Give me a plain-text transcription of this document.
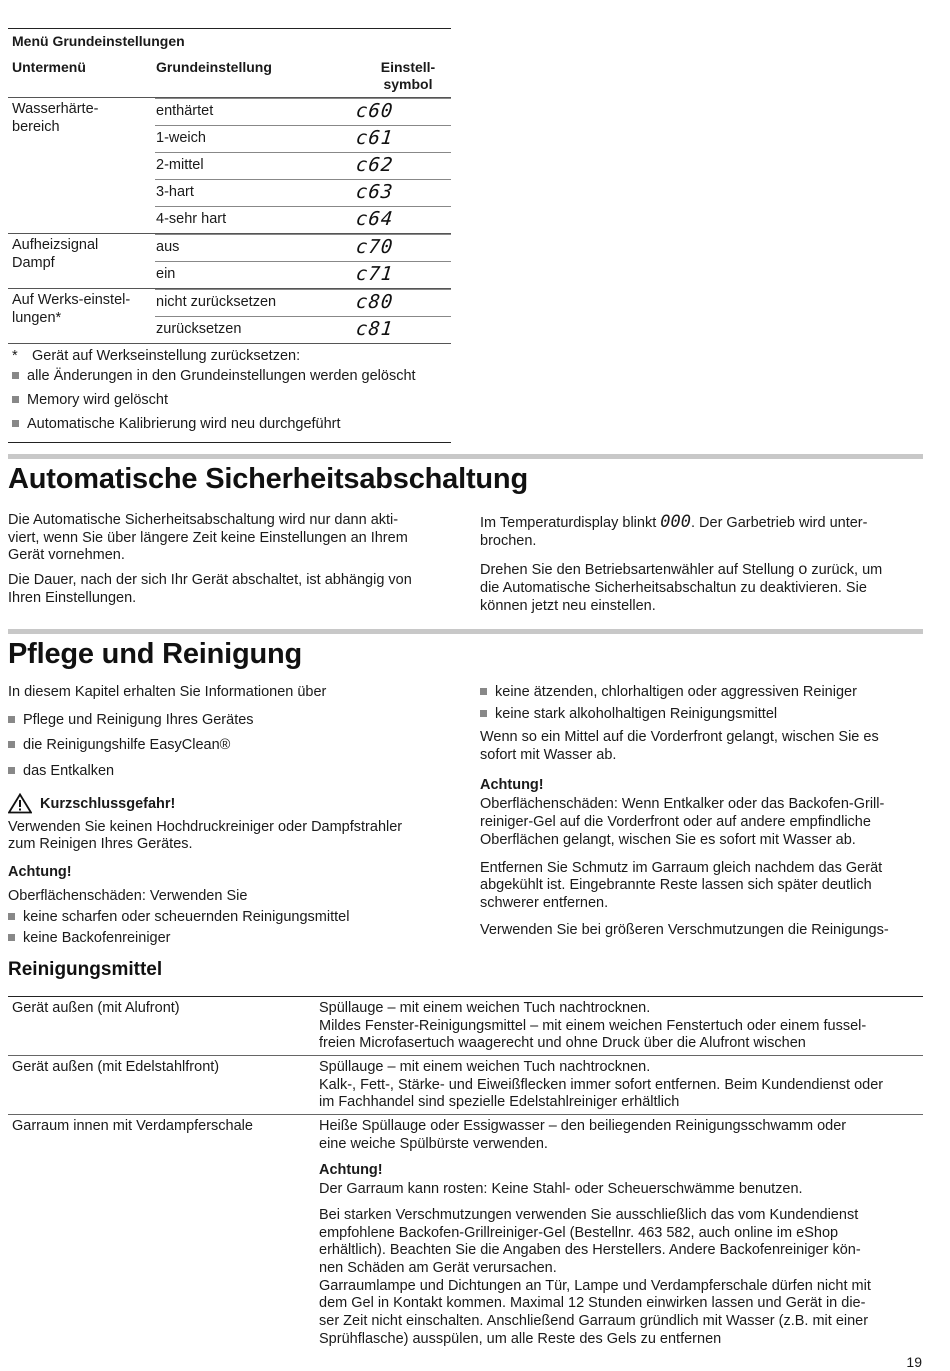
Menü Grundeinstellungen
Untermenü	Grundeinstellung	Einstell-
symbol
Wasserhärte-
bereich
enthärtet	c60
1-weich	c61
2-mittel	c62
3-hart	c63
4-sehr hart	c64
Aufheizsignal
Dampf
aus	c70
ein	c71
Auf Werks-einstel-
lungen*
nicht zurücksetzen	c80
zurücksetzen	c81
* Gerät auf Werkseinstellung zurücksetzen:
alle Änderungen in den Grundeinstellungen werden gelöscht
Memory wird gelöscht
Automatische Kalibrierung wird neu durchgeführt
Automatische Sicherheitsabschaltung

Die Automatische Sicherheitsabschaltung wird nur dann akti-
viert, wenn Sie über längere Zeit keine Einstellungen an Ihrem
Gerät vornehmen.

Die Dauer, nach der sich Ihr Gerät abschaltet, ist abhängig von
Ihren Einstellungen.

Im Temperaturdisplay blinkt 000. Der Garbetrieb wird unter-
brochen.

Drehen Sie den Betriebsartenwähler auf Stellung o zurück, um
die Automatische Sicherheitsabschaltun zu deaktivieren. Sie
können jetzt neu einstellen.

Pflege und Reinigung

In diesem Kapitel erhalten Sie Informationen über

Pflege und Reinigung Ihres Gerätes
die Reinigungshilfe EasyClean®
das Entkalken
Kurzschlussgefahr!

Verwenden Sie keinen Hochdruckreiniger oder Dampfstrahler
zum Reinigen Ihres Gerätes.

Achtung!

Oberflächenschäden: Verwenden Sie

keine scharfen oder scheuernden Reinigungsmittel
keine Backofenreiniger
keine ätzenden, chlorhaltigen oder aggressiven Reiniger
keine stark alkoholhaltigen Reinigungsmittel

Wenn so ein Mittel auf die Vorderfront gelangt, wischen Sie es
sofort mit Wasser ab.

Achtung!

Oberflächenschäden: Wenn Entkalker oder das Backofen-Grill-
reiniger-Gel auf die Vorderfront oder auf andere empfindliche
Oberflächen gelangt, wischen Sie es sofort mit Wasser ab.

Entfernen Sie Schmutz im Garraum gleich nachdem das Gerät
abgekühlt ist. Eingebrannte Reste lassen sich später deutlich
schwerer entfernen.

Verwenden Sie bei größeren Verschmutzungen die Reinigungs-

Reinigungsmittel
Gerät außen (mit Alufront)	Spüllauge – mit einem weichen Tuch nachtrocknen.

Mildes Fenster-Reinigungsmittel – mit einem weichen Fenstertuch oder einem fussel-
freien Microfasertuch waagerecht und ohne Druck über die Alufront wischen

Gerät außen (mit Edelstahlfront)	Spüllauge – mit einem weichen Tuch nachtrocknen.

Kalk-, Fett-, Stärke- und Eiweißflecken immer sofort entfernen. Beim Kundendienst oder
im Fachhandel sind spezielle Edelstahlreiniger erhältlich

Garraum innen mit Verdampferschale	Heiße Spüllauge oder Essigwasser – den beiliegenden Reinigungsschwamm oder
eine weiche Spülbürste verwenden.

Achtung!

Der Garraum kann rosten: Keine Stahl- oder Scheuerschwämme benutzen.

Bei starken Verschmutzungen verwenden Sie ausschließlich das vom Kundendienst
empfohlene Backofen-Grillreiniger-Gel (Bestellnr. 463 582, auch online im eShop
erhältlich). Beachten Sie die Angaben des Herstellers. Andere Backofenreiniger kön-
nen Schäden am Gerät verursachen.

Garraumlampe und Dichtungen an Tür, Lampe und Verdampferschale dürfen nicht mit
dem Gel in Kontakt kommen. Maximal 12 Stunden einwirken lassen und Gerät in die-
ser Zeit nicht einschalten. Anschließend Garraum gründlich mit Wasser (z.B. mit einer
Sprühflasche) ausspülen, um alle Reste des Gels zu entfernen

19
